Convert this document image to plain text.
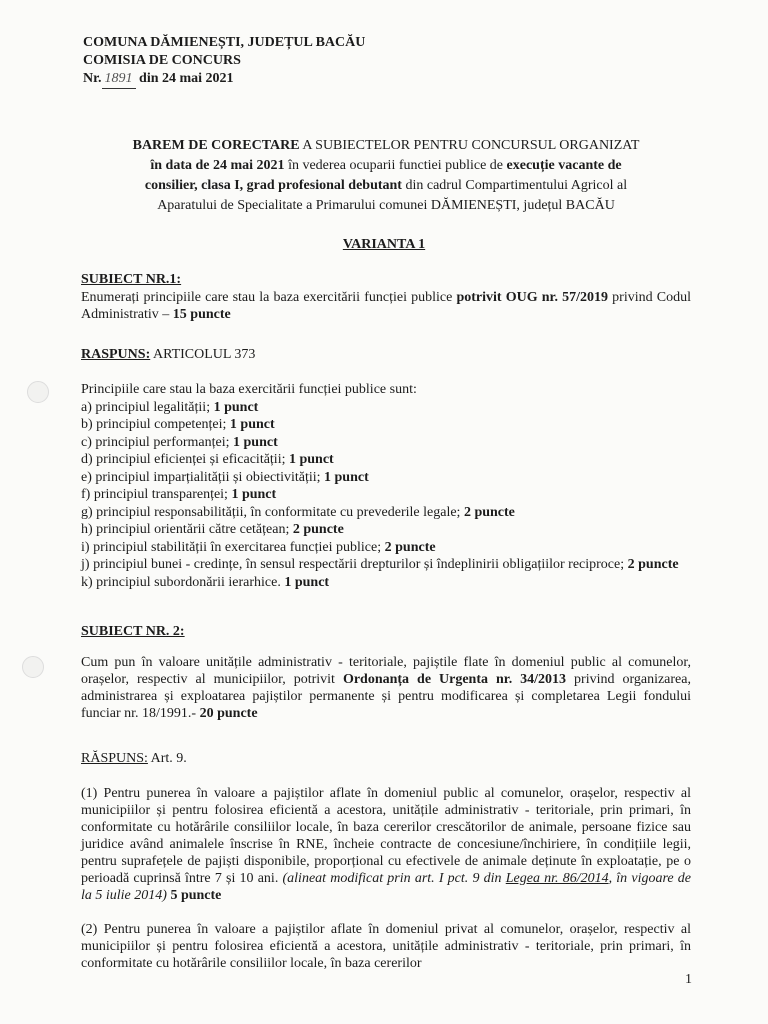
COMUNA DĂMIENEȘTI, JUDEȚUL BACĂU
COMISIA DE CONCURS
Nr. 1891 din 24 mai 2021
BAREM DE CORECTARE A SUBIECTELOR PENTRU CONCURSUL ORGANIZAT
în data de 24 mai 2021 în vederea ocuparii functiei publice de execuție vacante de
consilier, clasa I, grad profesional debutant din cadrul Compartimentului Agricol al
Aparatului de Specialitate a Primarului comunei DĂMIENEȘTI, județul BACĂU
VARIANTA 1
SUBIECT NR.1:

Enumerați principiile care stau la baza exercitării funcției publice potrivit OUG nr. 57/2019 privind Codul Administrativ – 15 puncte

RASPUNS: ARTICOLUL 373
Principiile care stau la baza exercitării funcției publice sunt:
a) principiul legalității; 1 punct
b) principiul competenței; 1 punct
c) principiul performanței; 1 punct
d) principiul eficienței și eficacității; 1 punct
e) principiul imparțialității și obiectivității; 1 punct
f) principiul transparenței; 1 punct
g) principiul responsabilității, în conformitate cu prevederile legale; 2 puncte
h) principiul orientării către cetățean; 2 puncte
i) principiul stabilității în exercitarea funcției publice; 2 puncte
j) principiul bunei - credințe, în sensul respectării drepturilor și îndeplinirii obligațiilor reciproce; 2 puncte
k) principiul subordonării ierarhice. 1 punct
SUBIECT NR. 2:
Cum pun în valoare unitățile administrativ - teritoriale, pajiștile flate în domeniul public al comunelor, orașelor, respectiv al municipiilor, potrivit Ordonanța de Urgenta nr. 34/2013 privind organizarea, administrarea și exploatarea pajiștilor permanente și pentru modificarea și completarea Legii fondului funciar nr. 18/1991.- 20 puncte
RĂSPUNS: Art. 9.
(1) Pentru punerea în valoare a pajiștilor aflate în domeniul public al comunelor, orașelor, respectiv al municipiilor și pentru folosirea eficientă a acestora, unitățile administrativ - teritoriale, prin primari, în conformitate cu hotărârile consiliilor locale, în baza cererilor crescătorilor de animale, persoane fizice sau juridice având animalele înscrise în RNE, încheie contracte de concesiune/închiriere, în condițiile legii, pentru suprafețele de pajiști disponibile, proporțional cu efectivele de animale deținute în exploatație, pe o perioadă cuprinsă între 7 și 10 ani. (alineat modificat prin art. I pct. 9 din Legea nr. 86/2014, în vigoare de la 5 iulie 2014) 5 puncte
(2) Pentru punerea în valoare a pajiștilor aflate în domeniul privat al comunelor, orașelor, respectiv al municipiilor și pentru folosirea eficientă a acestora, unitățile administrativ - teritoriale, prin primari, în conformitate cu hotărârile consiliilor locale, în baza cererilor
1
